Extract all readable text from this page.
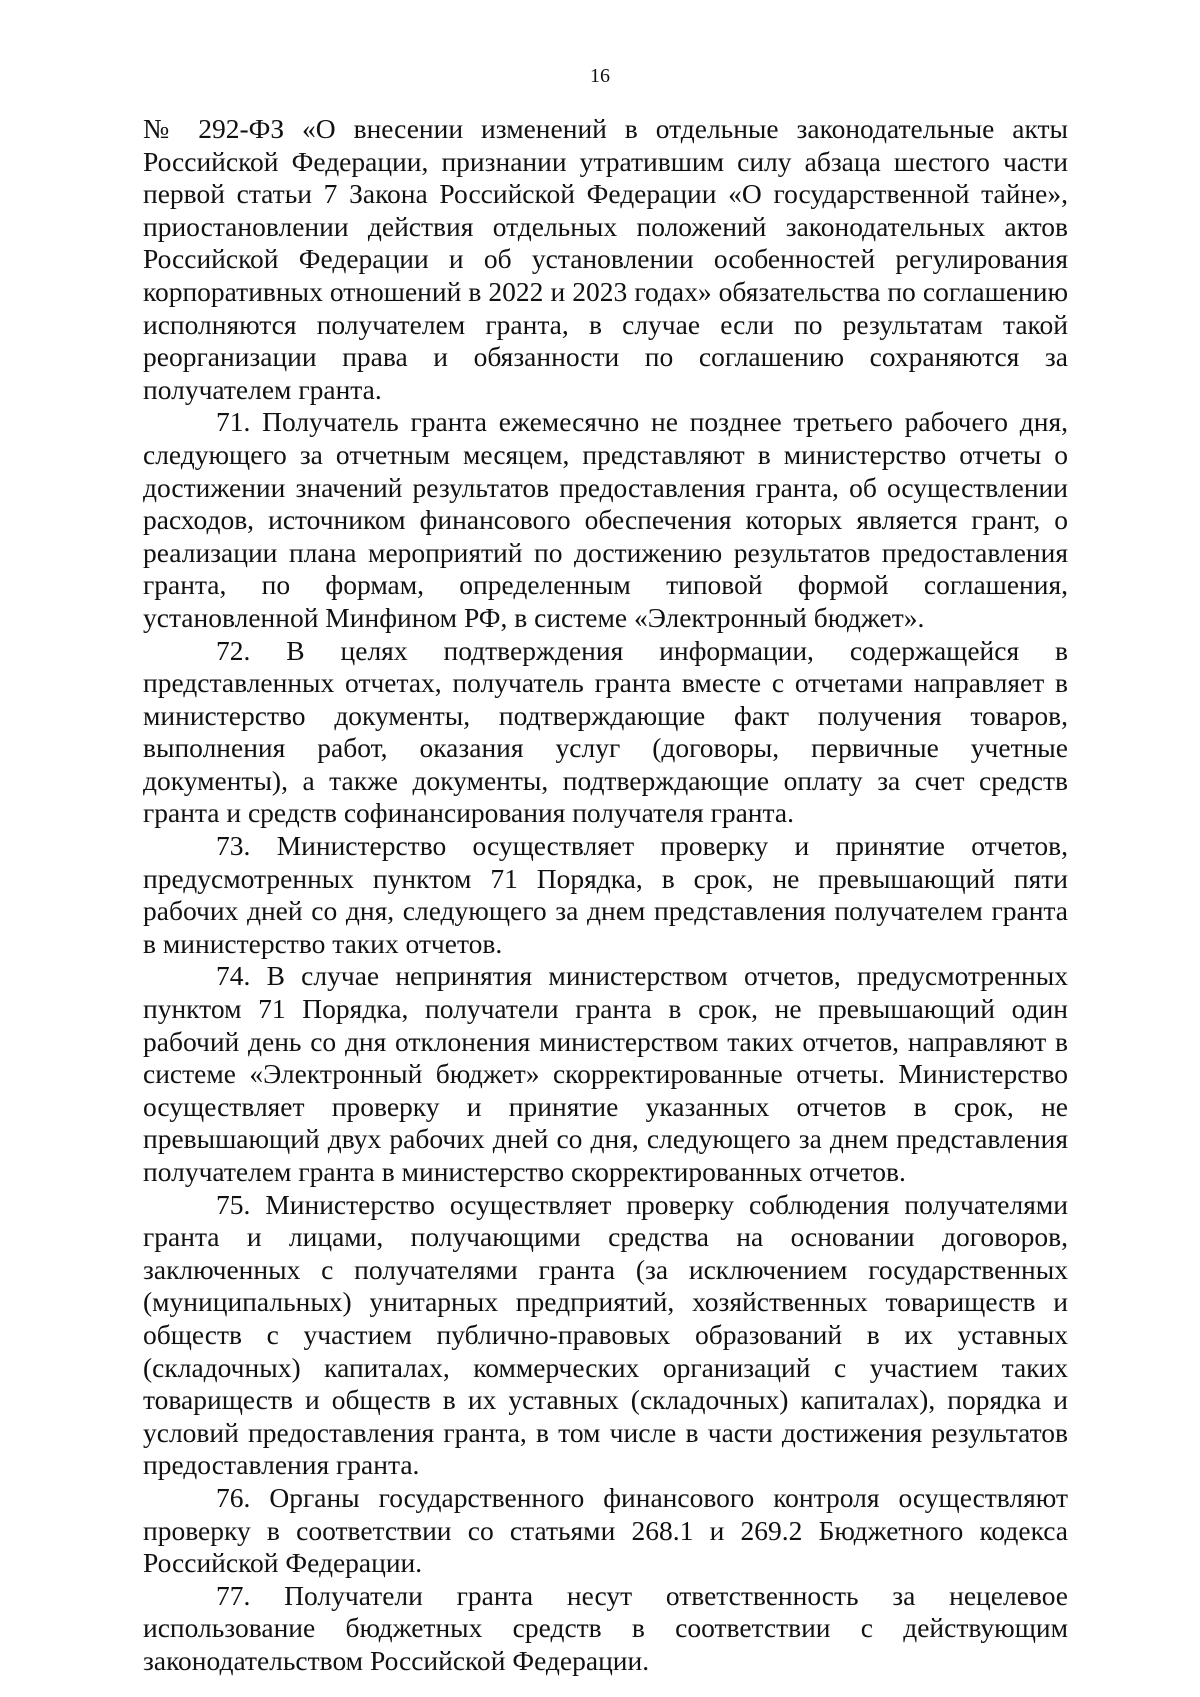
16

№ 292-ФЗ «О внесении изменений в отдельные законодательные акты Российской Федерации, признании утратившим силу абзаца шестого части первой статьи 7 Закона Российской Федерации «О государственной тайне», приостановлении действия отдельных положений законодательных актов Российской Федерации и об установлении особенностей регулирования корпоративных отношений в 2022 и 2023 годах» обязательства по соглашению исполняются получателем гранта, в случае если по результатам такой реорганизации права и обязанности по соглашению сохраняются за получателем гранта.

71. Получатель гранта ежемесячно не позднее третьего рабочего дня, следующего за отчетным месяцем, представляют в министерство отчеты о достижении значений результатов предоставления гранта, об осуществлении расходов, источником финансового обеспечения которых является грант, о реализации плана мероприятий по достижению результатов предоставления гранта, по формам, определенным типовой формой соглашения, установленной Минфином РФ, в системе «Электронный бюджет».

72. В целях подтверждения информации, содержащейся в представленных отчетах, получатель гранта вместе с отчетами направляет в министерство документы, подтверждающие факт получения товаров, выполнения работ, оказания услуг (договоры, первичные учетные документы), а также документы, подтверждающие оплату за счет средств гранта и средств софинансирования получателя гранта.

73. Министерство осуществляет проверку и принятие отчетов, предусмотренных пунктом 71 Порядка, в срок, не превышающий пяти рабочих дней со дня, следующего за днем представления получателем гранта в министерство таких отчетов.

74. В случае непринятия министерством отчетов, предусмотренных пунктом 71 Порядка, получатели гранта в срок, не превышающий один рабочий день со дня отклонения министерством таких отчетов, направляют в системе «Электронный бюджет» скорректированные отчеты. Министерство осуществляет проверку и принятие указанных отчетов в срок, не превышающий двух рабочих дней со дня, следующего за днем представления получателем гранта в министерство скорректированных отчетов.

75. Министерство осуществляет проверку соблюдения получателями гранта и лицами, получающими средства на основании договоров, заключенных с получателями гранта (за исключением государственных (муниципальных) унитарных предприятий, хозяйственных товариществ и обществ с участием публично-правовых образований в их уставных (складочных) капиталах, коммерческих организаций с участием таких товариществ и обществ в их уставных (складочных) капиталах), порядка и условий предоставления гранта, в том числе в части достижения результатов предоставления гранта.

76. Органы государственного финансового контроля осуществляют проверку в соответствии со статьями 268.1 и 269.2 Бюджетного кодекса Российской Федерации.

77. Получатели гранта несут ответственность за нецелевое использование бюджетных средств в соответствии с действующим законодательством Российской Федерации.
